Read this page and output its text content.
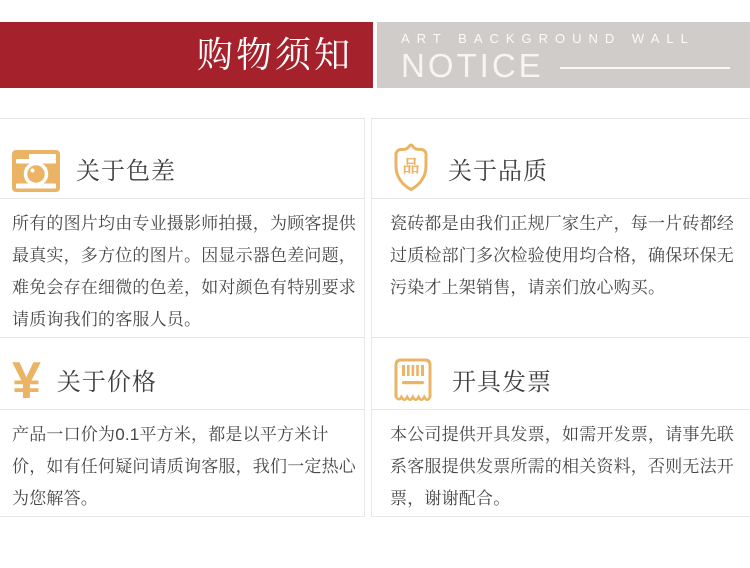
购物须知	ART BACKGROUND WALL
NOTICE
关于色差

所有的图片均由专业摄影师拍摄，为顾客提供最真实，多方位的图片。因显示器色差问题，难免会存在细微的色差，如对颜色有特别要求请质询我们的客服人员。

¥ 关于价格

产品一口价为0.1平方米，都是以平方米计价，如有任何疑问请质询客服，我们一定热心为您解答。

品 关于品质

瓷砖都是由我们正规厂家生产，每一片砖都经过质检部门多次检验使用均合格，确保环保无污染才上架销售，请亲们放心购买。

开具发票

本公司提供开具发票，如需开发票，请事先联系客服提供发票所需的相关资料，否则无法开票，谢谢配合。
